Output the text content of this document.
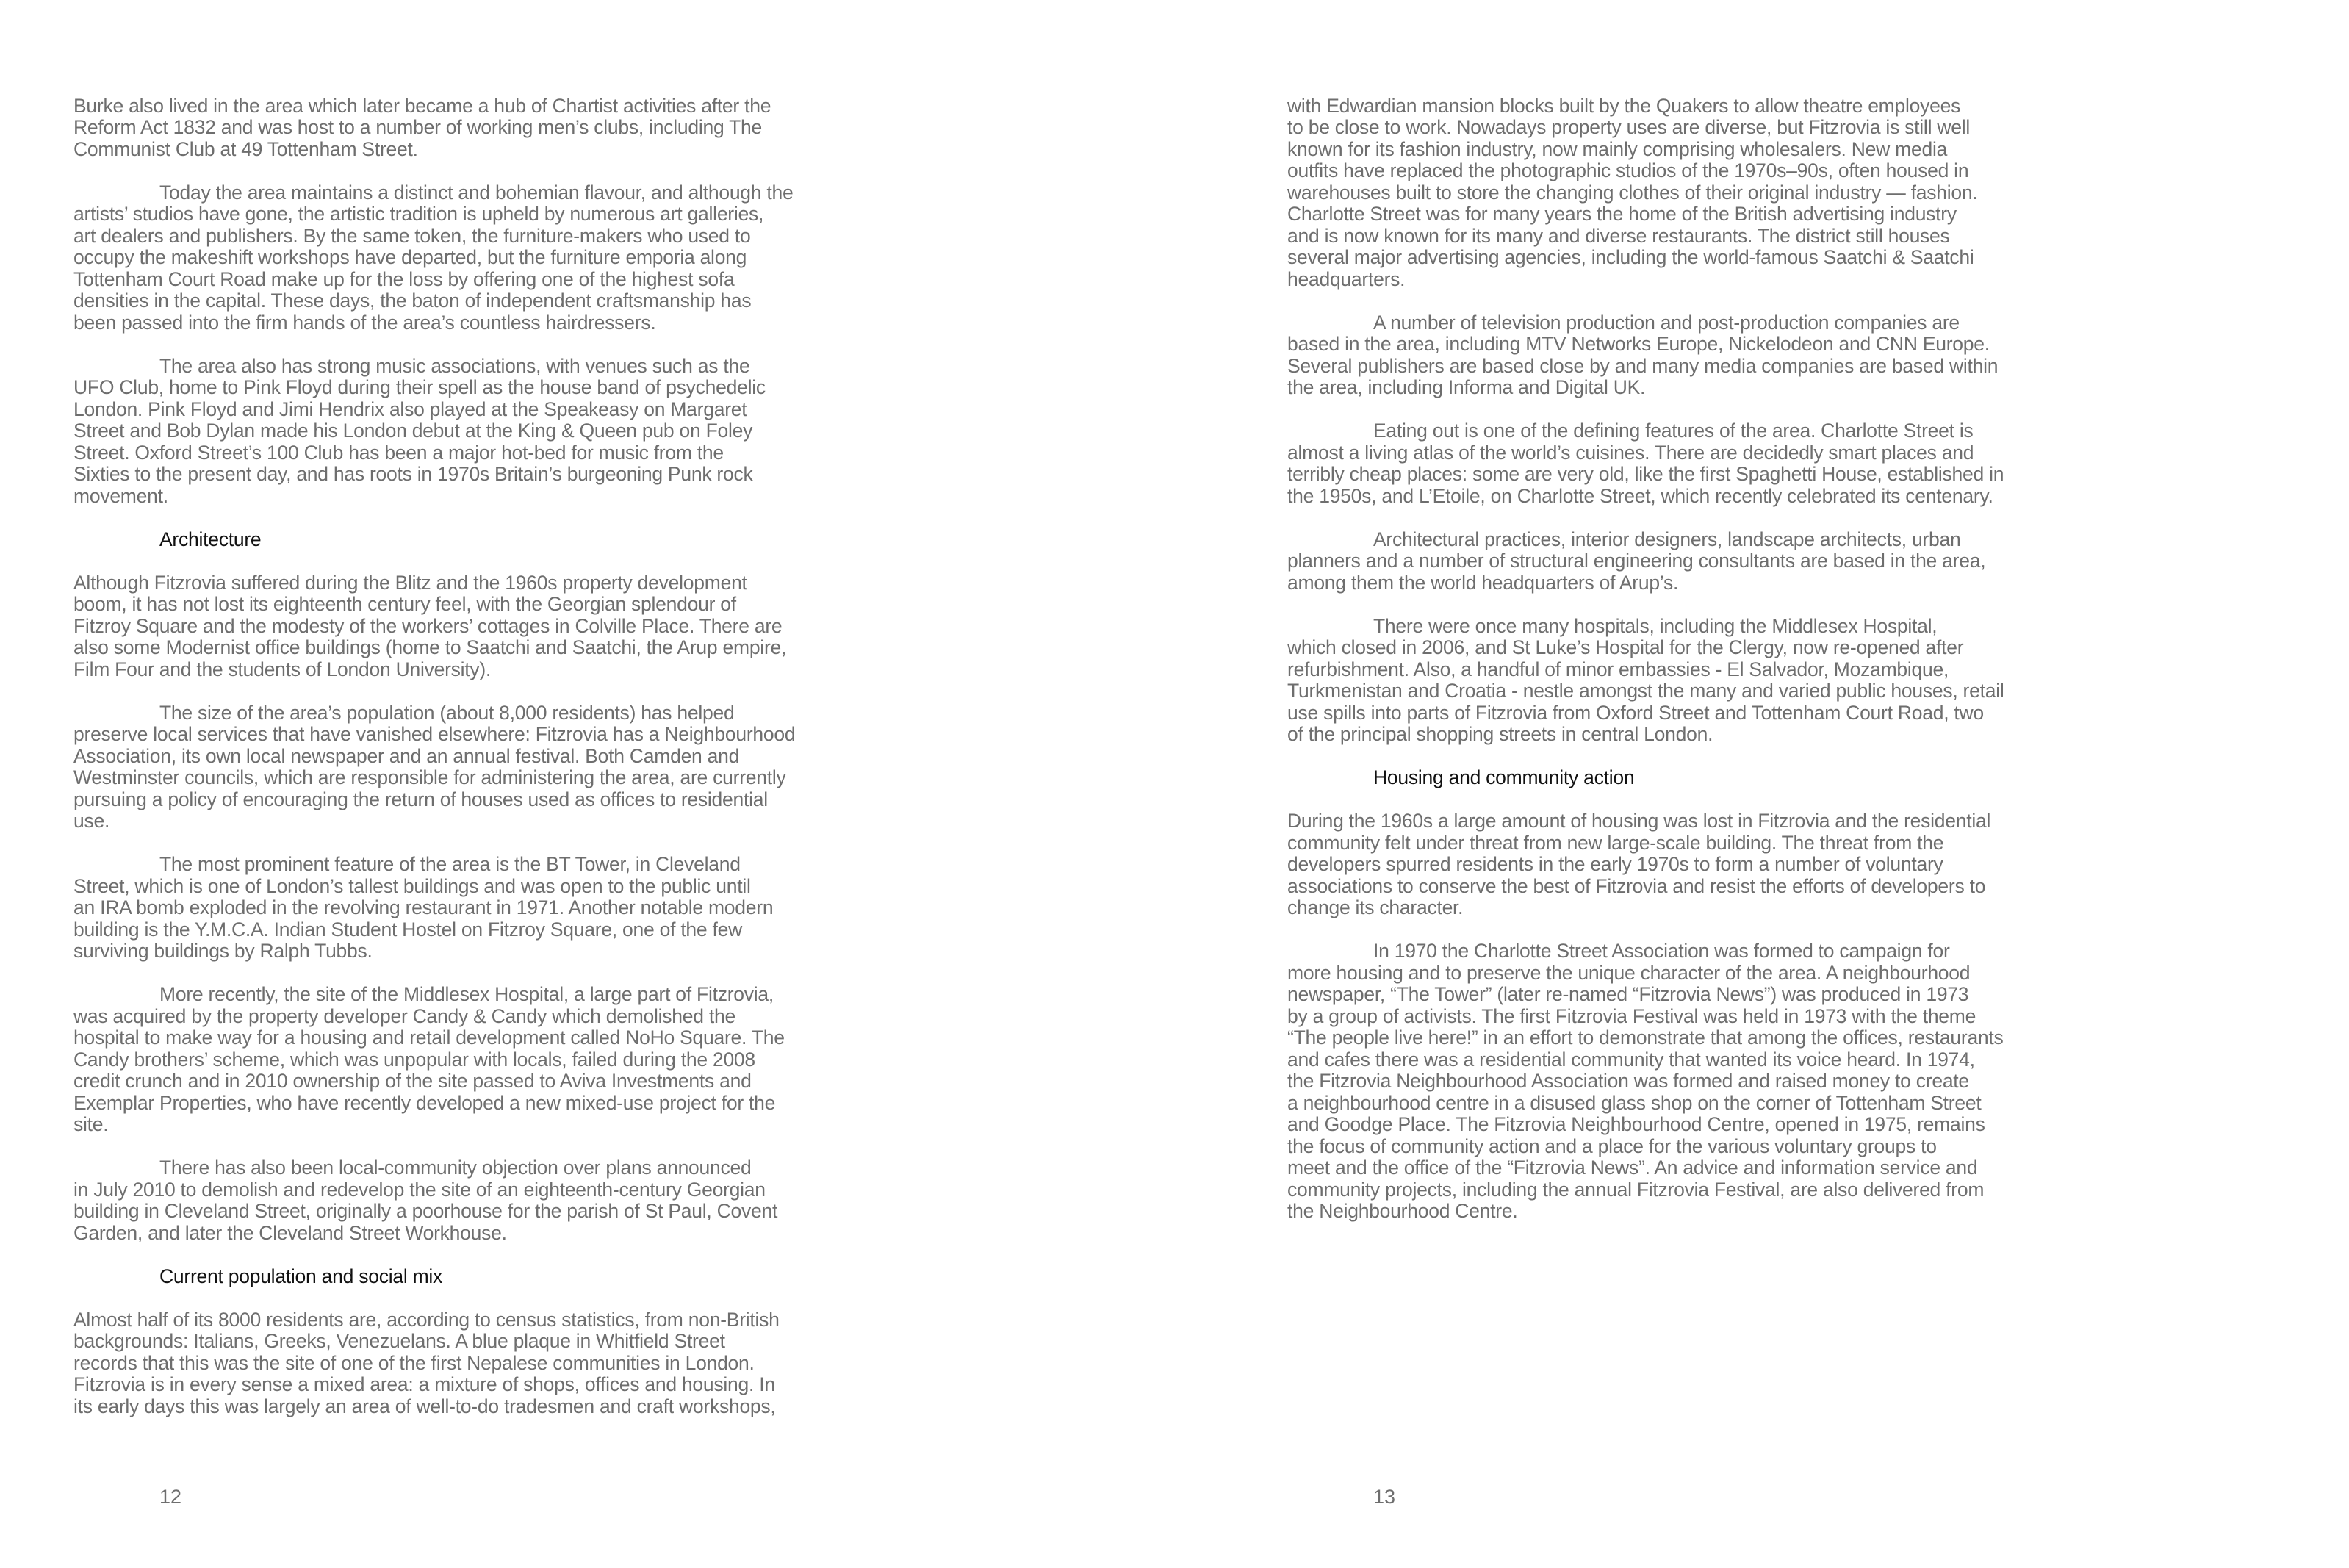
Burke also lived in the area which later became a hub of Chartist activities after the
Reform Act 1832 and was host to a number of working men’s clubs, including The
Communist Club at 49 Tottenham Street.

Today the area maintains a distinct and bohemian flavour, and although the
artists’ studios have gone, the artistic tradition is upheld by numerous art galleries,
art dealers and publishers. By the same token, the furniture-makers who used to
occupy the makeshift workshops have departed, but the furniture emporia along
Tottenham Court Road make up for the loss by offering one of the highest sofa
densities in the capital. These days, the baton of independent craftsmanship has
been passed into the firm hands of the area’s countless hairdressers.

The area also has strong music associations, with venues such as the
UFO Club, home to Pink Floyd during their spell as the house band of psychedelic
London. Pink Floyd and Jimi Hendrix also played at the Speakeasy on Margaret
Street and Bob Dylan made his London debut at the King & Queen pub on Foley
Street. Oxford Street’s 100 Club has been a major hot-bed for music from the
Sixties to the present day, and has roots in 1970s Britain’s burgeoning Punk rock
movement.

Architecture

Although Fitzrovia suffered during the Blitz and the 1960s property development
boom, it has not lost its eighteenth century feel, with the Georgian splendour of
Fitzroy Square and the modesty of the workers’ cottages in Colville Place. There are
also some Modernist office buildings (home to Saatchi and Saatchi, the Arup empire,
Film Four and the students of London University).

The size of the area’s population (about 8,000 residents) has helped
preserve local services that have vanished elsewhere: Fitzrovia has a Neighbourhood
Association, its own local newspaper and an annual festival. Both Camden and
Westminster councils, which are responsible for administering the area, are currently
pursuing a policy of encouraging the return of houses used as offices to residential
use.

The most prominent feature of the area is the BT Tower, in Cleveland
Street, which is one of London’s tallest buildings and was open to the public until
an IRA bomb exploded in the revolving restaurant in 1971. Another notable modern
building is the Y.M.C.A. Indian Student Hostel on Fitzroy Square, one of the few
surviving buildings by Ralph Tubbs.

More recently, the site of the Middlesex Hospital, a large part of Fitzrovia,
was acquired by the property developer Candy & Candy which demolished the
hospital to make way for a housing and retail development called NoHo Square. The
Candy brothers’ scheme, which was unpopular with locals, failed during the 2008
credit crunch and in 2010 ownership of the site passed to Aviva Investments and
Exemplar Properties, who have recently developed a new mixed-use project for the
site.

There has also been local-community objection over plans announced
in July 2010 to demolish and redevelop the site of an eighteenth-century Georgian
building in Cleveland Street, originally a poorhouse for the parish of St Paul, Covent
Garden, and later the Cleveland Street Workhouse.

Current population and social mix

Almost half of its 8000 residents are, according to census statistics, from non-British
backgrounds: Italians, Greeks, Venezuelans. A blue plaque in Whitfield Street
records that this was the site of one of the first Nepalese communities in London.
Fitzrovia is in every sense a mixed area: a mixture of shops, offices and housing. In
its early days this was largely an area of well-to-do tradesmen and craft workshops,

12

with Edwardian mansion blocks built by the Quakers to allow theatre employees
to be close to work. Nowadays property uses are diverse, but Fitzrovia is still well
known for its fashion industry, now mainly comprising wholesalers. New media
outfits have replaced the photographic studios of the 1970s–90s, often housed in
warehouses built to store the changing clothes of their original industry — fashion.
Charlotte Street was for many years the home of the British advertising industry
and is now known for its many and diverse restaurants. The district still houses
several major advertising agencies, including the world-famous Saatchi & Saatchi
headquarters.

A number of television production and post-production companies are
based in the area, including MTV Networks Europe, Nickelodeon and CNN Europe.
Several publishers are based close by and many media companies are based within
the area, including Informa and Digital UK.

Eating out is one of the defining features of the area. Charlotte Street is
almost a living atlas of the world’s cuisines. There are decidedly smart places and
terribly cheap places: some are very old, like the first Spaghetti House, established in
the 1950s, and L’Etoile, on Charlotte Street, which recently celebrated its centenary.

Architectural practices, interior designers, landscape architects, urban
planners and a number of structural engineering consultants are based in the area,
among them the world headquarters of Arup’s.

There were once many hospitals, including the Middlesex Hospital,
which closed in 2006, and St Luke’s Hospital for the Clergy, now re-opened after
refurbishment. Also, a handful of minor embassies - El Salvador, Mozambique,
Turkmenistan and Croatia - nestle amongst the many and varied public houses, retail
use spills into parts of Fitzrovia from Oxford Street and Tottenham Court Road, two
of the principal shopping streets in central London.

Housing and community action

During the 1960s a large amount of housing was lost in Fitzrovia and the residential
community felt under threat from new large-scale building. The threat from the
developers spurred residents in the early 1970s to form a number of voluntary
associations to conserve the best of Fitzrovia and resist the efforts of developers to
change its character.

In 1970 the Charlotte Street Association was formed to campaign for
more housing and to preserve the unique character of the area. A neighbourhood
newspaper, “The Tower” (later re-named “Fitzrovia News”) was produced in 1973
by a group of activists. The first Fitzrovia Festival was held in 1973 with the theme
“The people live here!” in an effort to demonstrate that among the offices, restaurants
and cafes there was a residential community that wanted its voice heard. In 1974,
the Fitzrovia Neighbourhood Association was formed and raised money to create
a neighbourhood centre in a disused glass shop on the corner of Tottenham Street
and Goodge Place. The Fitzrovia Neighbourhood Centre, opened in 1975, remains
the focus of community action and a place for the various voluntary groups to
meet and the office of the “Fitzrovia News”. An advice and information service and
community projects, including the annual Fitzrovia Festival, are also delivered from
the Neighbourhood Centre.

13
